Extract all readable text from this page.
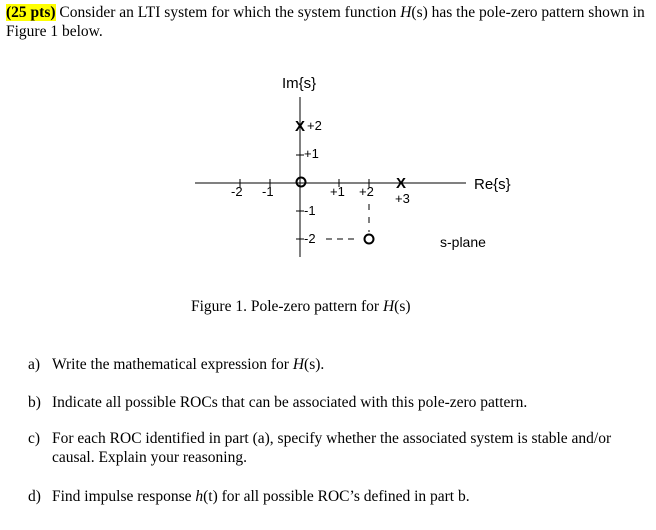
(25 pts) Consider an LTI system for which the system function H(s) has the pole-zero pattern shown in Figure 1 below.
Im{s}
Re{s}
s-plane
X +2
+1
-1
-2
-2 -1	+1 +2 X
+3
Figure 1. Pole-zero pattern for H(s)
a) Write the mathematical expression for H(s).
b) Indicate all possible ROCs that can be associated with this pole-zero pattern.
c) For each ROC identified in part (a), specify whether the associated system is stable and/or causal. Explain your reasoning.
d) Find impulse response h(t) for all possible ROC’s defined in part b.
